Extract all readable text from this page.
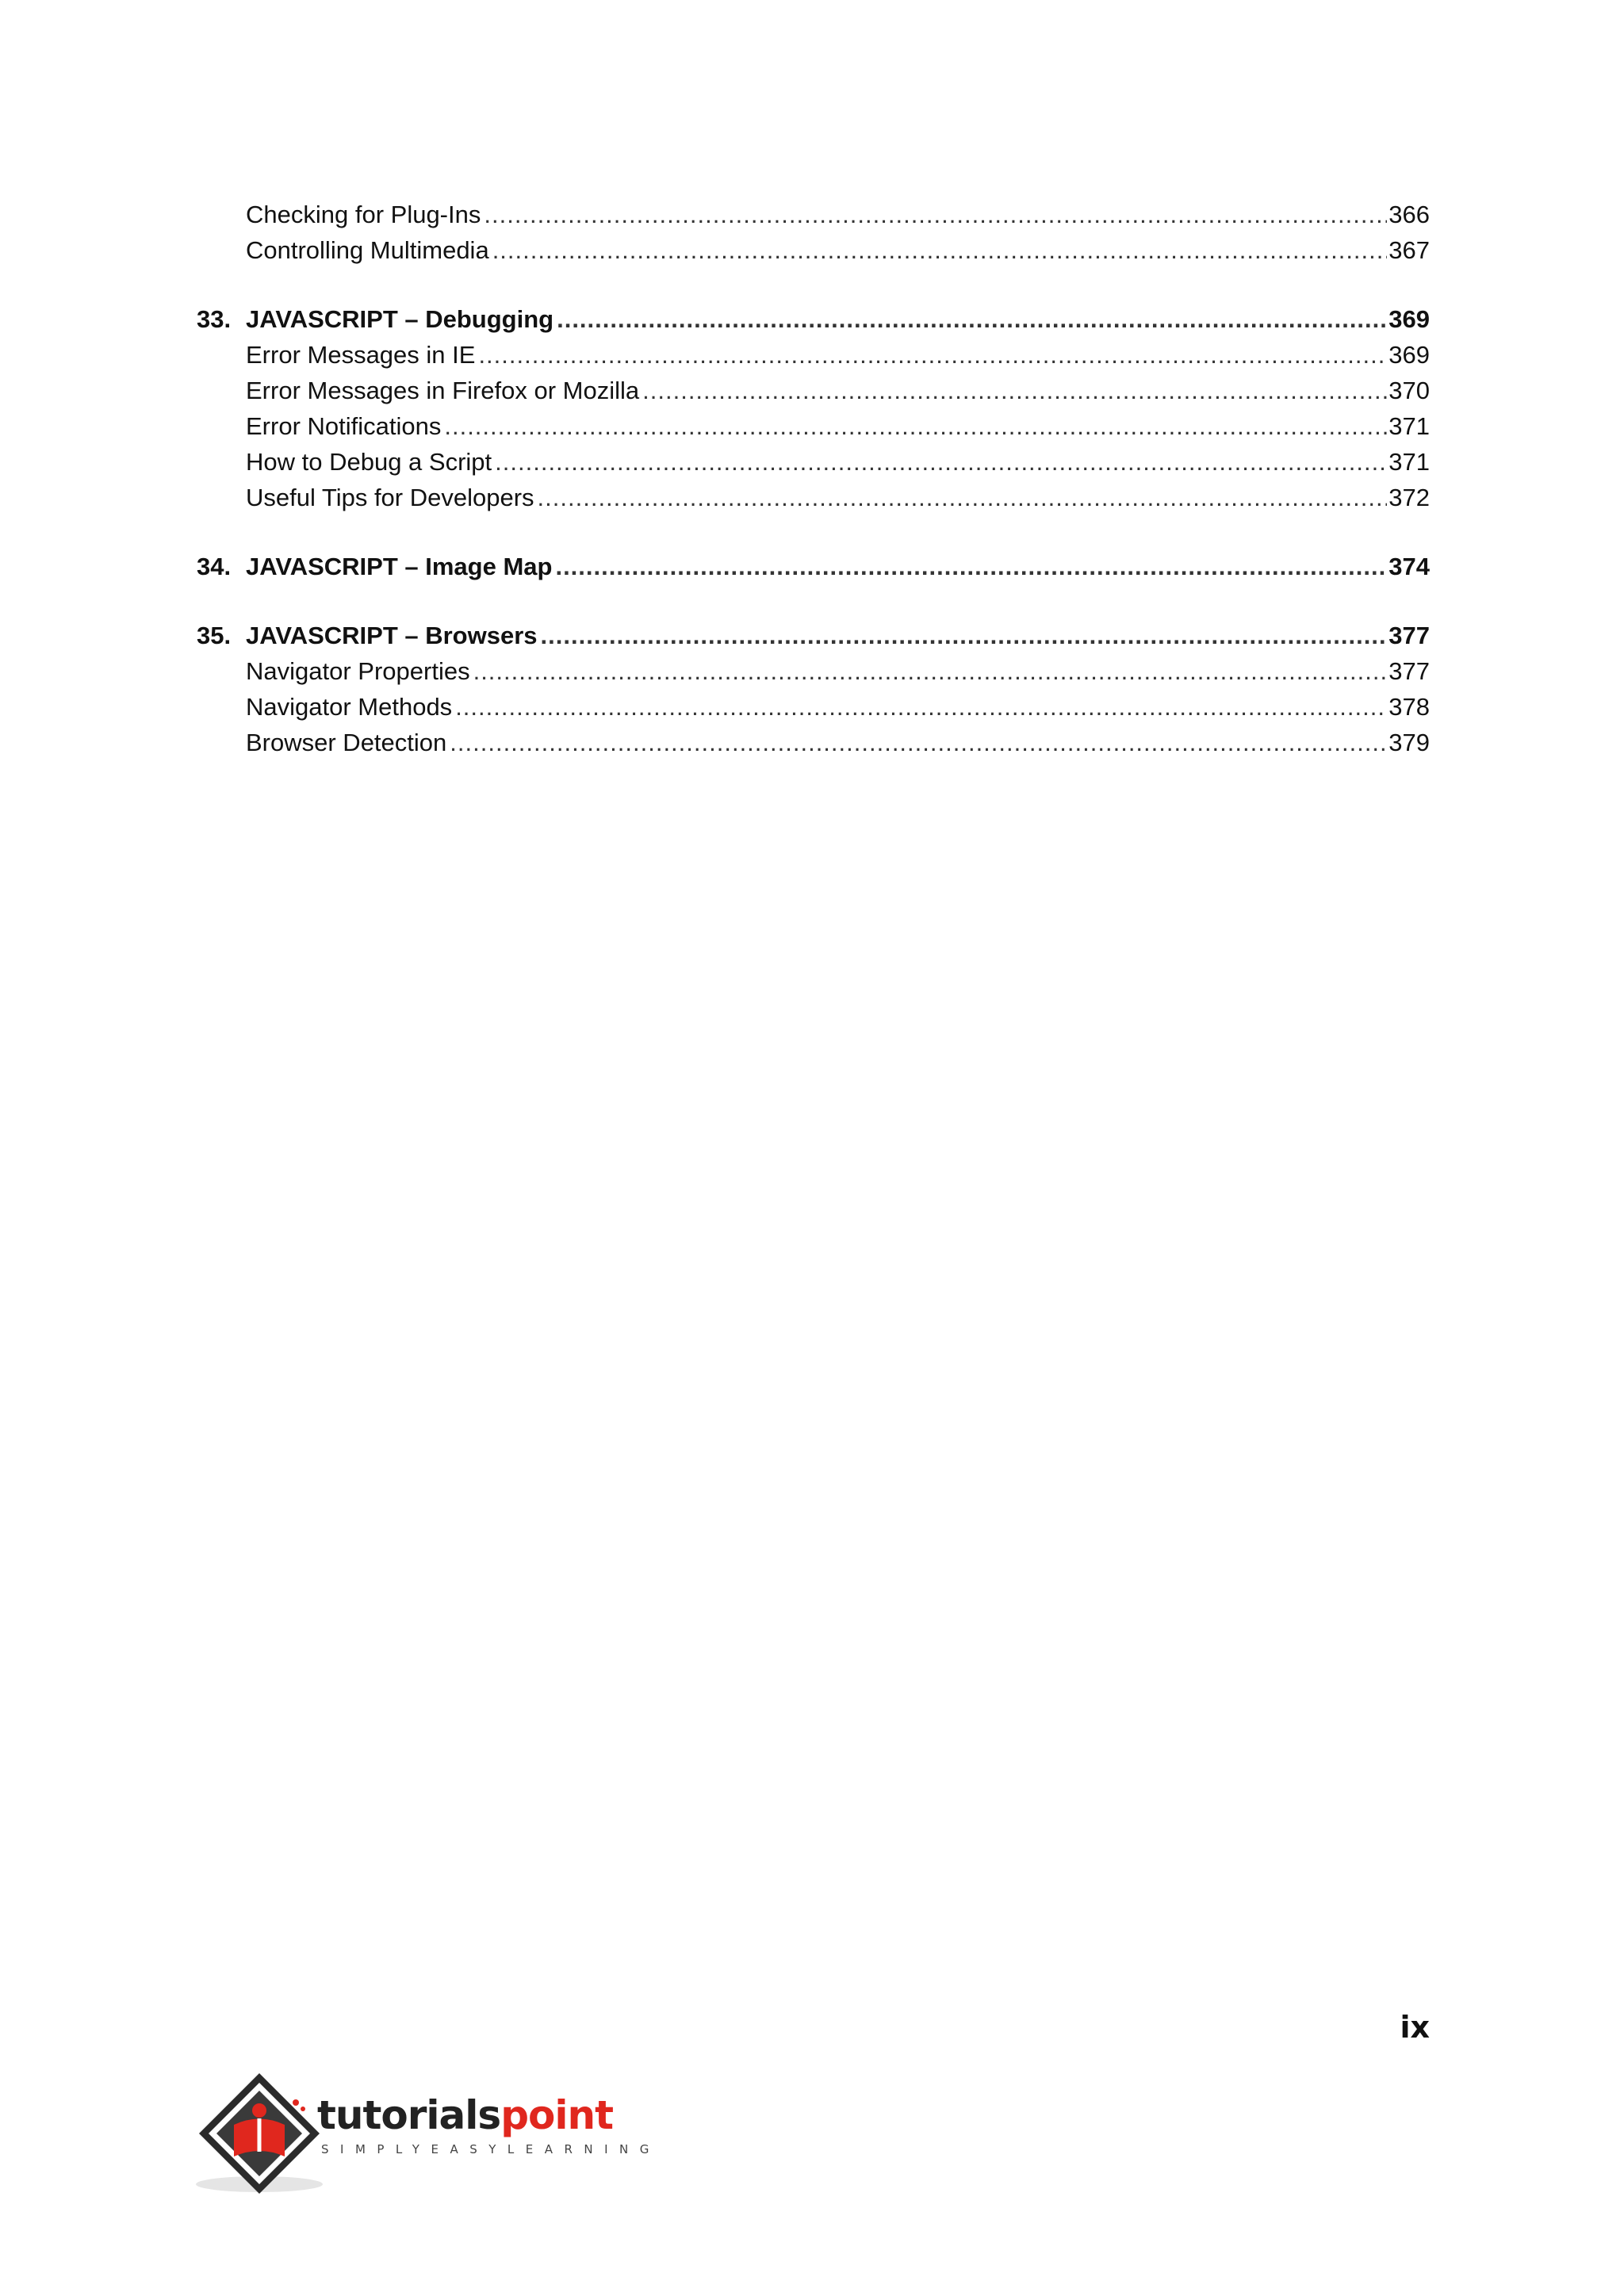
Checking for Plug-Ins .....	366
Controlling Multimedia .....	367
33. JAVASCRIPT – Debugging .....	369
Error Messages in IE .....	369
Error Messages in Firefox or Mozilla .....	370
Error Notifications .....	371
How to Debug a Script .....	371
Useful Tips for Developers .....	372
34. JAVASCRIPT – Image Map .....	374
35. JAVASCRIPT – Browsers .....	377
Navigator Properties .....	377
Navigator Methods .....	378
Browser Detection .....	379
ix
tutorialspoint
SIMPLYEASYLEARNING
